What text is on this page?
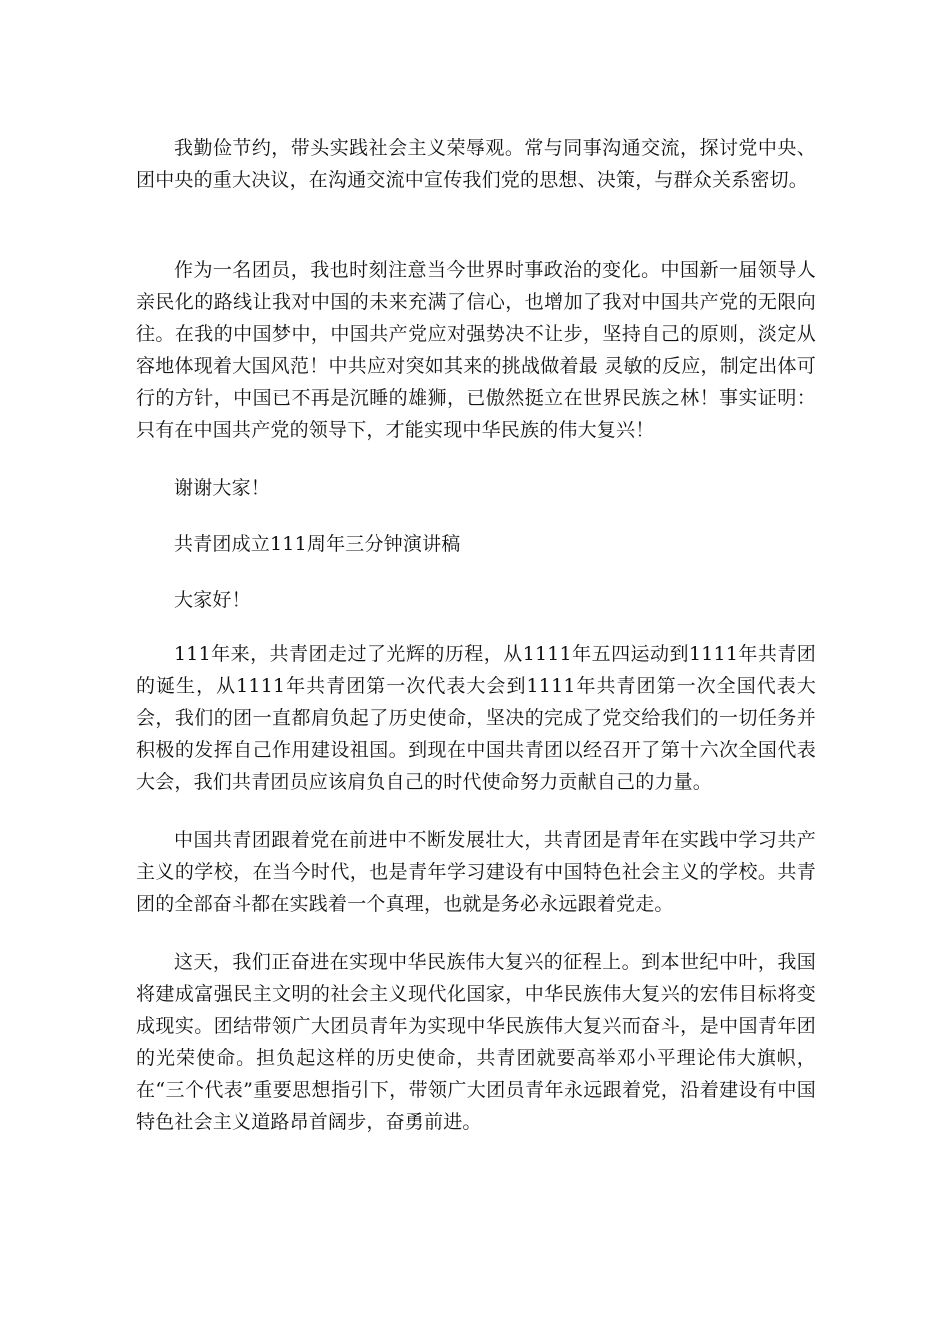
我勤俭节约，带头实践社会主义荣辱观。常与同事沟通交流，探讨党中央、团中央的重大决议，在沟通交流中宣传我们党的思想、决策，与群众关系密切。

作为一名团员，我也时刻注意当今世界时事政治的变化。中国新一届领导人亲民化的路线让我对中国的未来充满了信心，也增加了我对中国共产党的无限向往。在我的中国梦中，中国共产党应对强势决不让步，坚持自己的原则，淡定从容地体现着大国风范！中共应对突如其来的挑战做着最 灵敏的反应，制定出体可行的方针，中国已不再是沉睡的雄狮，已傲然挺立在世界民族之林！事实证明：只有在中国共产党的领导下，才能实现中华民族的伟大复兴！

谢谢大家！

共青团成立111周年三分钟演讲稿

大家好！

111年来，共青团走过了光辉的历程，从1111年五四运动到1111年共青团的诞生，从1111年共青团第一次代表大会到1111年共青团第一次全国代表大会，我们的团一直都肩负起了历史使命，坚决的完成了党交给我们的一切任务并积极的发挥自己作用建设祖国。到现在中国共青团以经召开了第十六次全国代表大会，我们共青团员应该肩负自己的时代使命努力贡献自己的力量。

中国共青团跟着党在前进中不断发展壮大，共青团是青年在实践中学习共产主义的学校，在当今时代，也是青年学习建设有中国特色社会主义的学校。共青团的全部奋斗都在实践着一个真理，也就是务必永远跟着党走。

这天，我们正奋进在实现中华民族伟大复兴的征程上。到本世纪中叶，我国将建成富强民主文明的社会主义现代化国家，中华民族伟大复兴的宏伟目标将变成现实。团结带领广大团员青年为实现中华民族伟大复兴而奋斗，是中国青年团的光荣使命。担负起这样的历史使命，共青团就要高举邓小平理论伟大旗帜，在“三个代表”重要思想指引下，带领广大团员青年永远跟着党，沿着建设有中国特色社会主义道路昂首阔步，奋勇前进。
